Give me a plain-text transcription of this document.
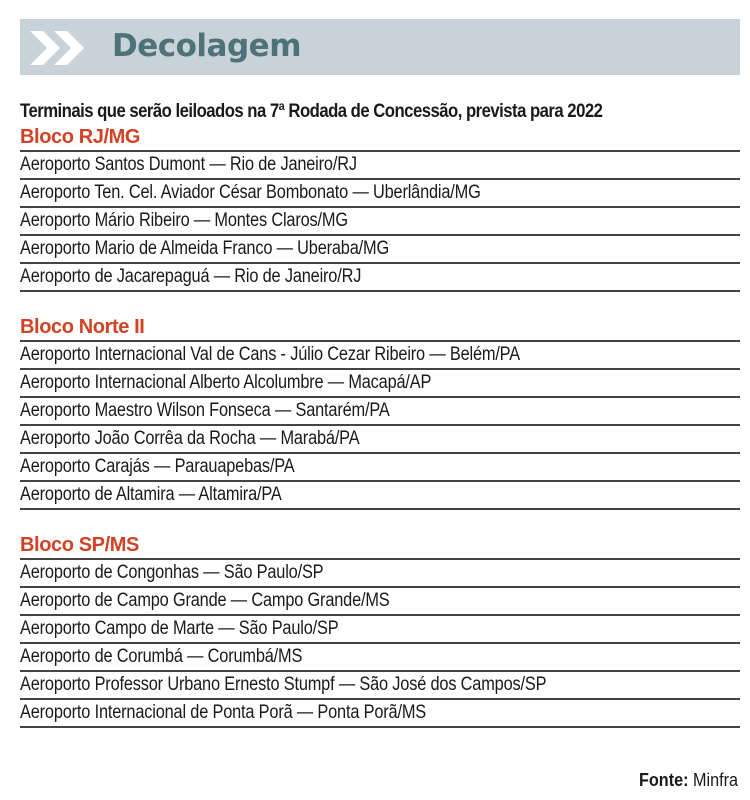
Decolagem
Terminais que serão leiloados na 7ª Rodada de Concessão, prevista para 2022
Bloco RJ/MG
Aeroporto Santos Dumont — Rio de Janeiro/RJ
Aeroporto Ten. Cel. Aviador César Bombonato — Uberlândia/MG
Aeroporto Mário Ribeiro — Montes Claros/MG
Aeroporto Mario de Almeida Franco — Uberaba/MG
Aeroporto de Jacarepaguá — Rio de Janeiro/RJ
Bloco Norte II
Aeroporto Internacional Val de Cans - Júlio Cezar Ribeiro — Belém/PA
Aeroporto Internacional Alberto Alcolumbre — Macapá/AP
Aeroporto Maestro Wilson Fonseca — Santarém/PA
Aeroporto João Corrêa da Rocha — Marabá/PA
Aeroporto Carajás — Parauapebas/PA
Aeroporto de Altamira — Altamira/PA
Bloco SP/MS
Aeroporto de Congonhas — São Paulo/SP
Aeroporto de Campo Grande — Campo Grande/MS
Aeroporto Campo de Marte — São Paulo/SP
Aeroporto de Corumbá — Corumbá/MS
Aeroporto Professor Urbano Ernesto Stumpf — São José dos Campos/SP
Aeroporto Internacional de Ponta Porã — Ponta Porã/MS
Fonte: Minfra
